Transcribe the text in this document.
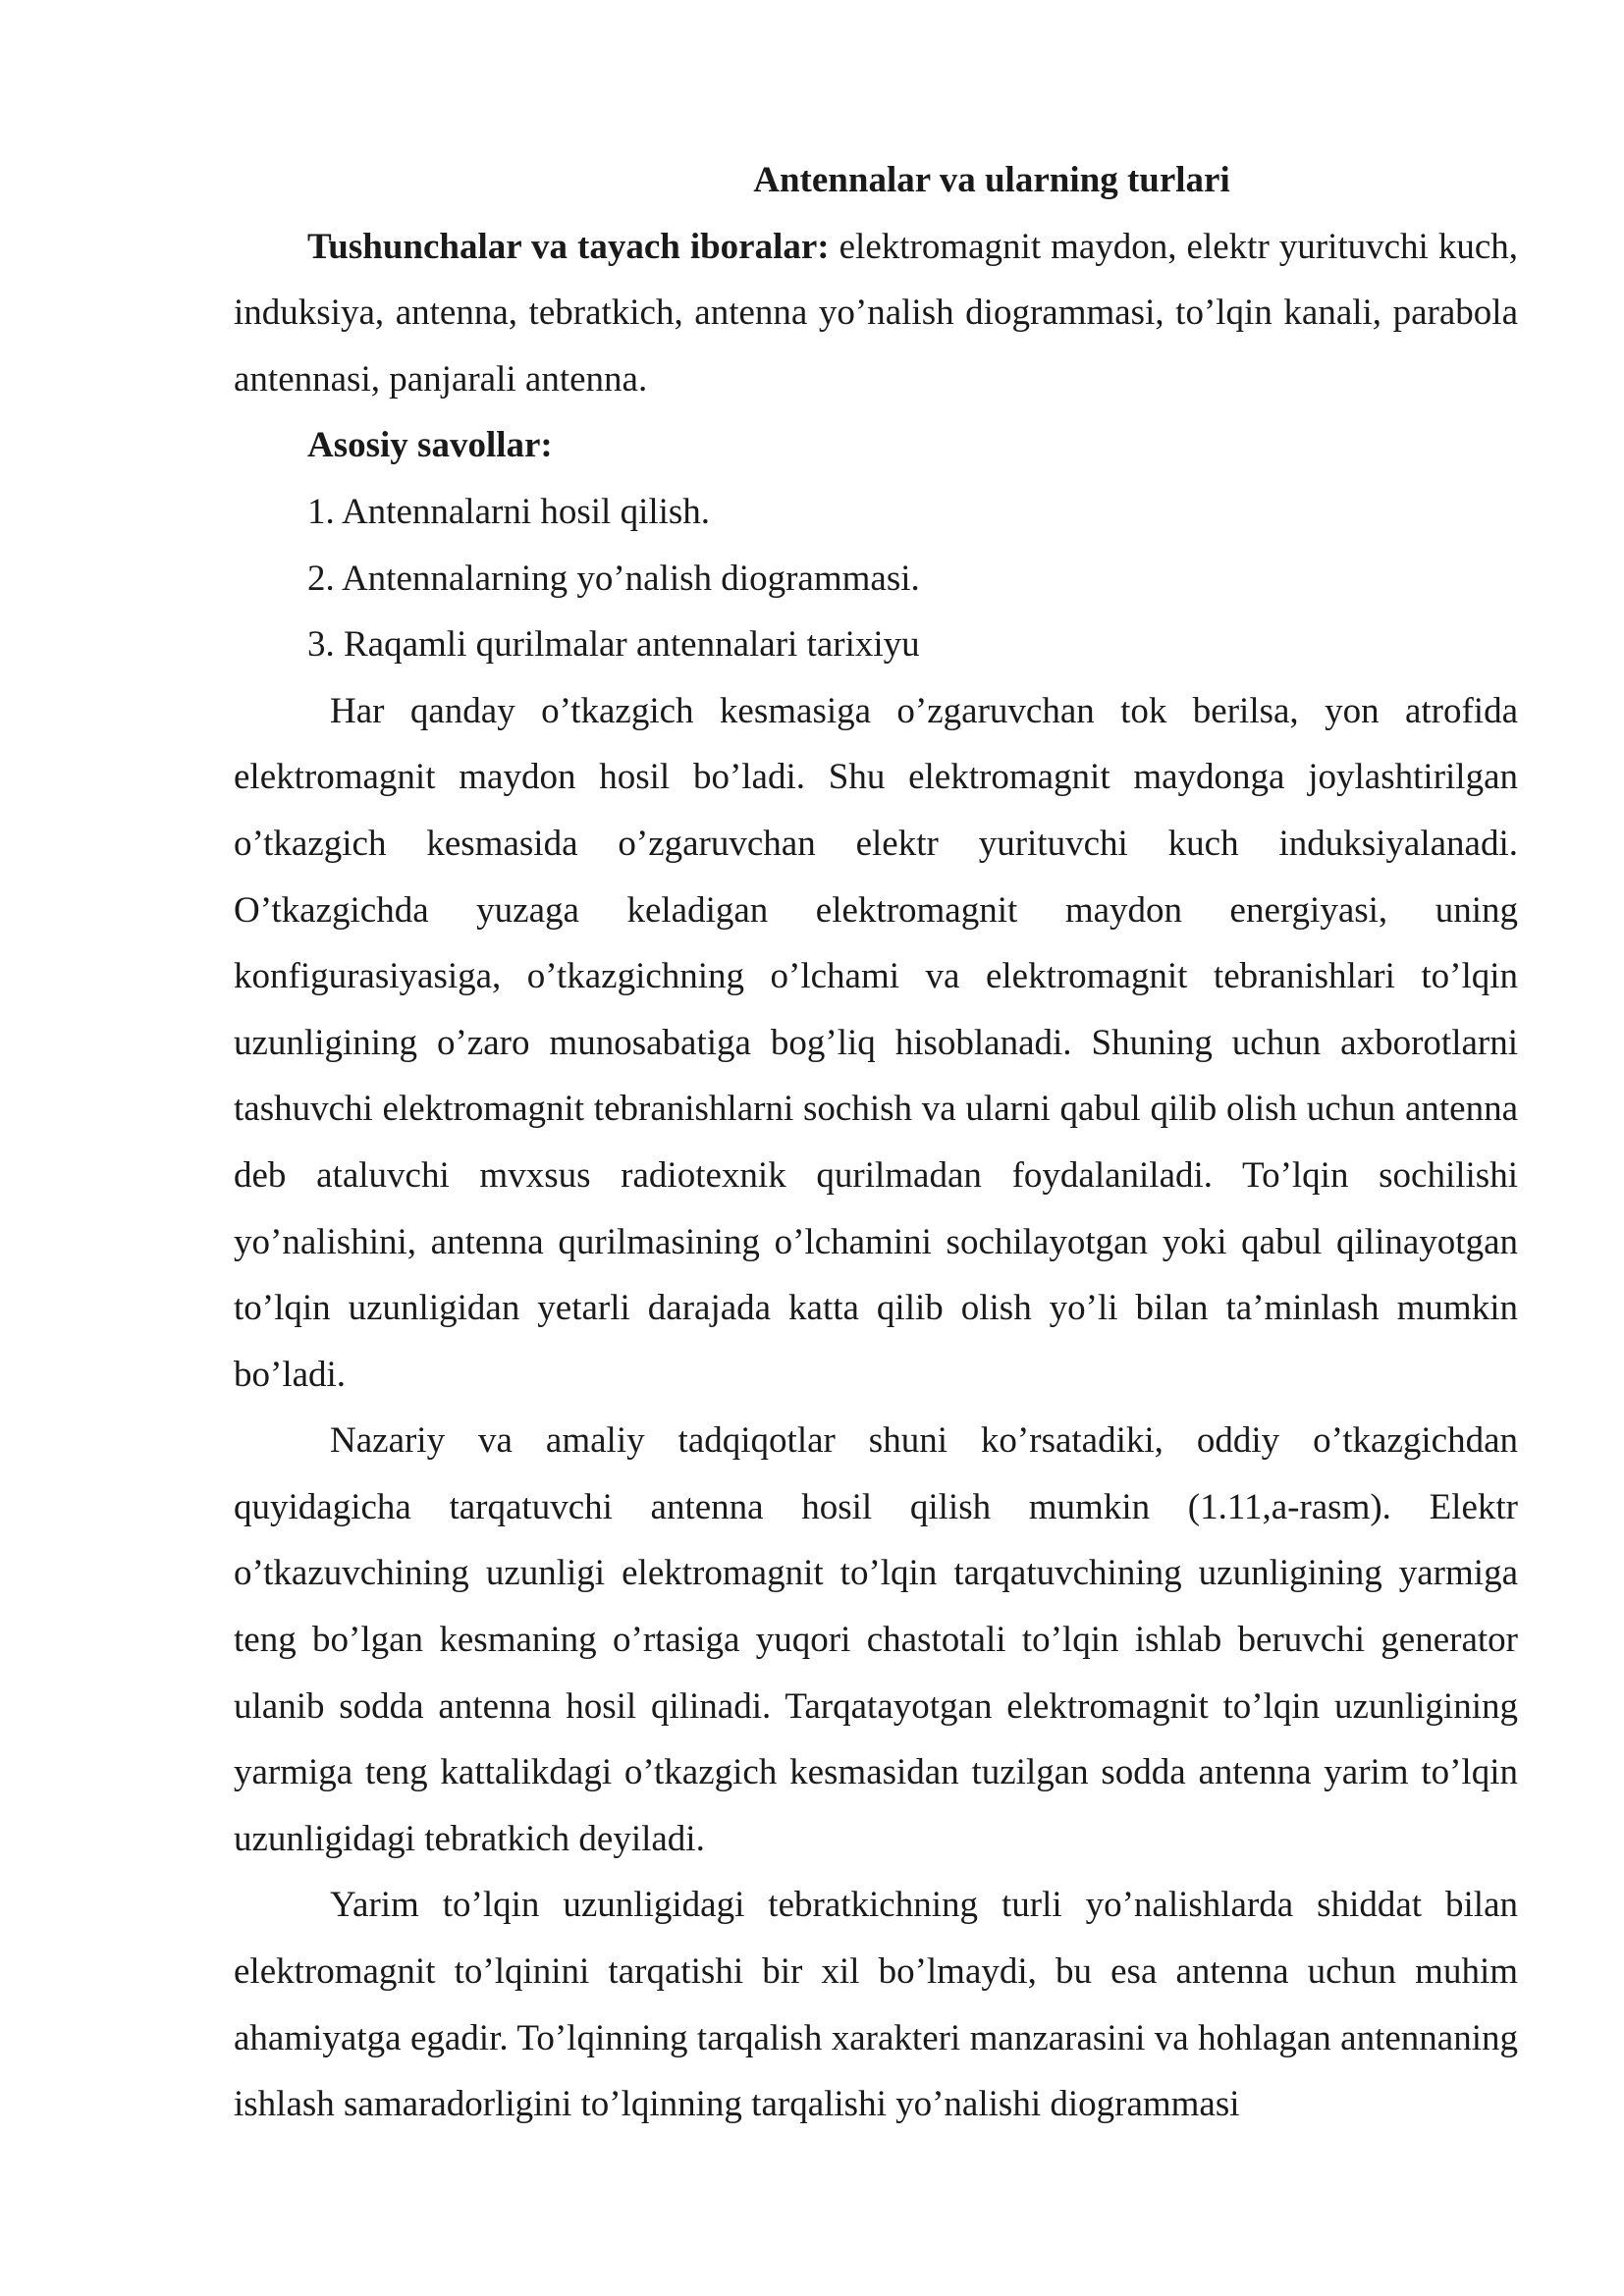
Antennalar va ularning turlari

Tushunchalar va tayach iboralar: elektromagnit maydon, elektr yurituvchi kuch, induksiya, antenna, tebratkich, antenna yo’nalish diogrammasi, to’lqin kanali, parabola antennasi, panjarali antenna.

Asosiy savollar:

1. Antennalarni hosil qilish.

2. Antennalarning yo’nalish diogrammasi.

3. Raqamli qurilmalar antennalari tarixiyu

Har qanday o’tkazgich kesmasiga o’zgaruvchan tok berilsa, yon atrofida elektromagnit maydon hosil bo’ladi. Shu elektromagnit maydonga joylashtirilgan o’tkazgich kesmasida o’zgaruvchan elektr yurituvchi kuch induksiyalanadi. O’tkazgichda yuzaga keladigan elektromagnit maydon energiyasi, uning konfigurasiyasiga, o’tkazgichning o’lchami va elektromagnit tebranishlari to’lqin uzunligining o’zaro munosabatiga bog’liq hisoblanadi. Shuning uchun axborotlarni tashuvchi elektromagnit tebranishlarni sochish va ularni qabul qilib olish uchun antenna deb ataluvchi mvxsus radiotexnik qurilmadan foydalaniladi. To’lqin sochilishi yo’nalishini, antenna qurilmasining o’lchamini sochilayotgan yoki qabul qilinayotgan to’lqin uzunligidan yetarli darajada katta qilib olish yo’li bilan ta’minlash mumkin bo’ladi.

Nazariy va amaliy tadqiqotlar shuni ko’rsatadiki, oddiy o’tkazgichdan quyidagicha tarqatuvchi antenna hosil qilish mumkin (1.11,a-rasm). Elektr o’tkazuvchining uzunligi elektromagnit to’lqin tarqatuvchining uzunligining yarmiga teng bo’lgan kesmaning o’rtasiga yuqori chastotali to’lqin ishlab beruvchi generator ulanib sodda antenna hosil qilinadi. Tarqatayotgan elektromagnit to’lqin uzunligining yarmiga teng kattalikdagi o’tkazgich kesmasidan tuzilgan sodda antenna yarim to’lqin uzunligidagi tebratkich deyiladi.

Yarim to’lqin uzunligidagi tebratkichning turli yo’nalishlarda shiddat bilan elektromagnit to’lqinini tarqatishi bir xil bo’lmaydi, bu esa antenna uchun muhim ahamiyatga egadir. To’lqinning tarqalish xarakteri manzarasini va hohlagan antennaning ishlash samaradorligini to’lqinning tarqalishi yo’nalishi diogrammasi
